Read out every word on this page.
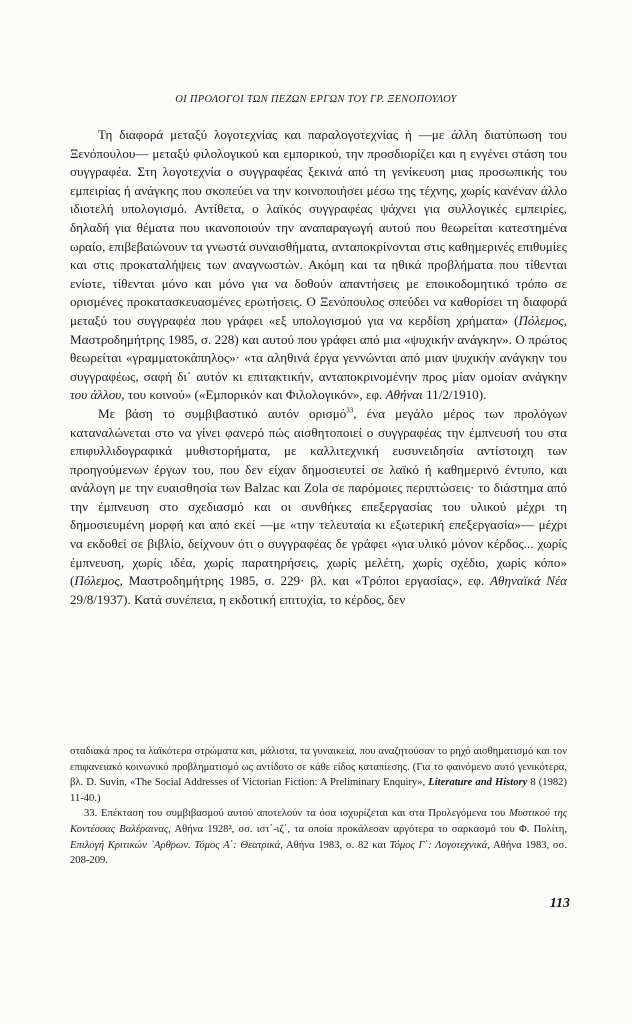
ΟΙ ΠΡΟΛΟΓΟΙ ΤΩΝ ΠΕΖΩΝ ΕΡΓΩΝ ΤΟΥ ΓΡ. ΞΕΝΟΠΟΥΛΟΥ

Τη διαφορά μεταξύ λογοτεχνίας και παραλογοτεχνίας ή —με άλλη διατύπωση του Ξενόπουλου— μεταξύ φιλολογικού και εμπορικού, την προσδιορίζει και η ενγένει στάση του συγγραφέα. Στη λογοτεχνία ο συγγραφέας ξεκινά από τη γενίκευση μιας προσωπικής του εμπειρίας ή ανάγκης που σκοπεύει να την κοινοποιήσει μέσω της τέχνης, χωρίς κανέναν άλλο ιδιοτελή υπολογισμό. Αντίθετα, ο λαϊκός συγγραφέας ψάχνει για συλλογικές εμπειρίες, δηλαδή για θέματα που ικανοποιούν την αναπαραγωγή αυτού που θεωρείται κατεστημένα ωραίο, επιβεβαιώνουν τα γνωστά συναισθήματα, ανταποκρίνονται στις καθημερινές επιθυμίες και στις προκαταλήψεις των αναγνωστών. Ακόμη και τα ηθικά προβλήματα που τίθενται ενίοτε, τίθενται μόνο και μόνο για να δοθούν απαντήσεις με εποικοδομητικό τρόπο σε ορισμένες προκατασκευασμένες ερωτήσεις. Ο Ξενόπουλος σπεύδει να καθορίσει τη διαφορά μεταξύ του συγγραφέα που γράφει «εξ υπολογισμού για να κερδίση χρήματα» (Πόλεμος, Μαστροδημήτρης 1985, σ. 228) και αυτού που γράφει από μια «ψυχικήν ανάγκην». Ο πρώτος θεωρείται «γραμματοκάπηλος»· «τα αληθινά έργα γεννώνται από μιαν ψυχικήν ανάγκην του συγγραφέως, σαφή δι᾽ αυτόν κι επιτακτικήν, ανταποκρινομένην προς μίαν ομοίαν ανάγκην του άλλου, του κοινού» («Εμπορικόν και Φιλολογικόν», εφ. Αθήναι 11/2/1910).

Με βάση το συμβιβαστικό αυτόν ορισμό$^{33}$, ένα μεγάλο μέρος των προλόγων καταναλώνεται στο να γίνει φανερό πώς αισθητοποιεί ο συγγραφέας την έμπνευσή του στα επιφυλλιδογραφικά μυθιστορήματα, με καλλιτεχνική ευσυνειδησία αντίστοιχη των προηγούμενων έργων του, που δεν είχαν δημοσιευτεί σε λαϊκό ή καθημερινό έντυπο, και ανάλογη με την ευαισθησία των Balzac και Zola σε παρόμοιες περιπτώσεις· το διάστημα από την έμπνευση στο σχεδιασμό και οι συνθήκες επεξεργασίας του υλικού μέχρι τη δημοσιευμένη μορφή και από εκεί —με «την τελευταία κι εξωτερική επεξεργασία»— μέχρι να εκδοθεί σε βιβλίο, δείχνουν ότι ο συγγραφέας δε γράφει «για υλικό μόνον κέρδος... χωρίς έμπνευση, χωρίς ιδέα, χωρίς παρατηρήσεις, χωρίς μελέτη, χωρίς σχέδιο, χωρίς κόπο» (Πόλεμος, Μαστροδημήτρης 1985, σ. 229· βλ. και «Τρόποι εργασίας», εφ. Αθηναϊκά Νέα 29/8/1937). Κατά συνέπεια, η εκδοτική επιτυχία, το κέρδος, δεν

σταδιακά προς τα λαϊκότερα στρώματα και, μάλιστα, τα γυναικεία, που αναζητούσαν το ρηχό αισθηματισμό και τον επιφανειακό κοινωνικό προβληματισμό ως αντίδοτο σε κάθε είδος καταπίεσης. (Για το φαινόμενο αυτό γενικότερα, βλ. D. Suvin, «The Social Addresses of Victorian Fiction: A Preliminary Enquiry», Literature and History 8 (1982) 11-40.)

33. Επέκταση του συμβιβασμού αυτού αποτελούν τα όσα ισχυρίζεται και στα Προλεγόμενα του Μυστικού της Κοντέσσας Βαλέραινας, Αθήνα 1928², σσ. ιστ΄-ιζ΄, τα οποία προκάλεσαν αργότερα το σαρκασμό του Φ. Πολίτη, Επιλογή Κριτικών ᾽Αρθρων. Τόμος Α΄: Θεατρικά, Αθήνα 1983, σ. 82 και Τόμος Γ΄: Λογοτεχνικά, Αθήνα 1983, σσ. 208-209.

113
